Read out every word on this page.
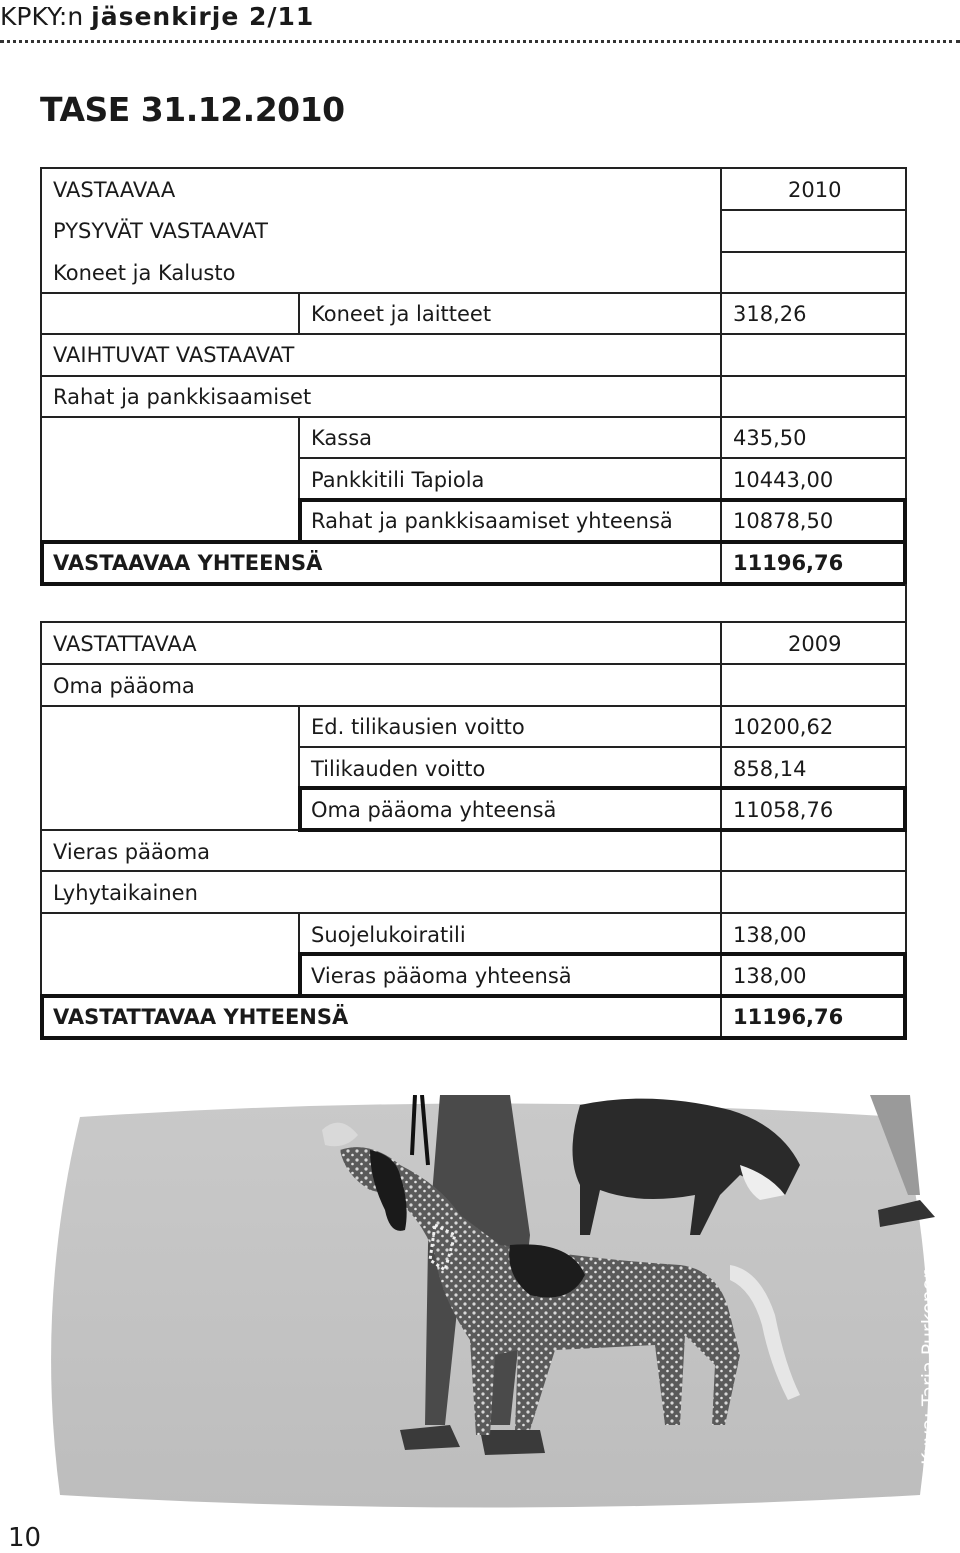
KPKY:n jäsenkirje 2/11
TASE 31.12.2010
VASTAAVAA	2010
PYSYVÄT VASTAAVAT
Koneet ja Kalusto
Koneet ja laitteet	318,26
VAIHTUVAT VASTAAVAT
Rahat ja pankkisaamiset
Kassa	435,50
Pankkitili Tapiola	10443,00
Rahat ja pankkisaamiset yhteensä	10878,50
VASTAAVAA YHTEENSÄ	11196,76
VASTATTAVAA	2009
Oma pääoma
Ed. tilikausien voitto	10200,62
Tilikauden voitto	858,14
Oma pääoma yhteensä	11058,76
Vieras pääoma
Lyhytaikainen
Suojelukoiratili	138,00
Vieras pääoma yhteensä	138,00
VASTATTAVAA YHTEENSÄ	11196,76
Kuva: Tarja Purkonen
10
